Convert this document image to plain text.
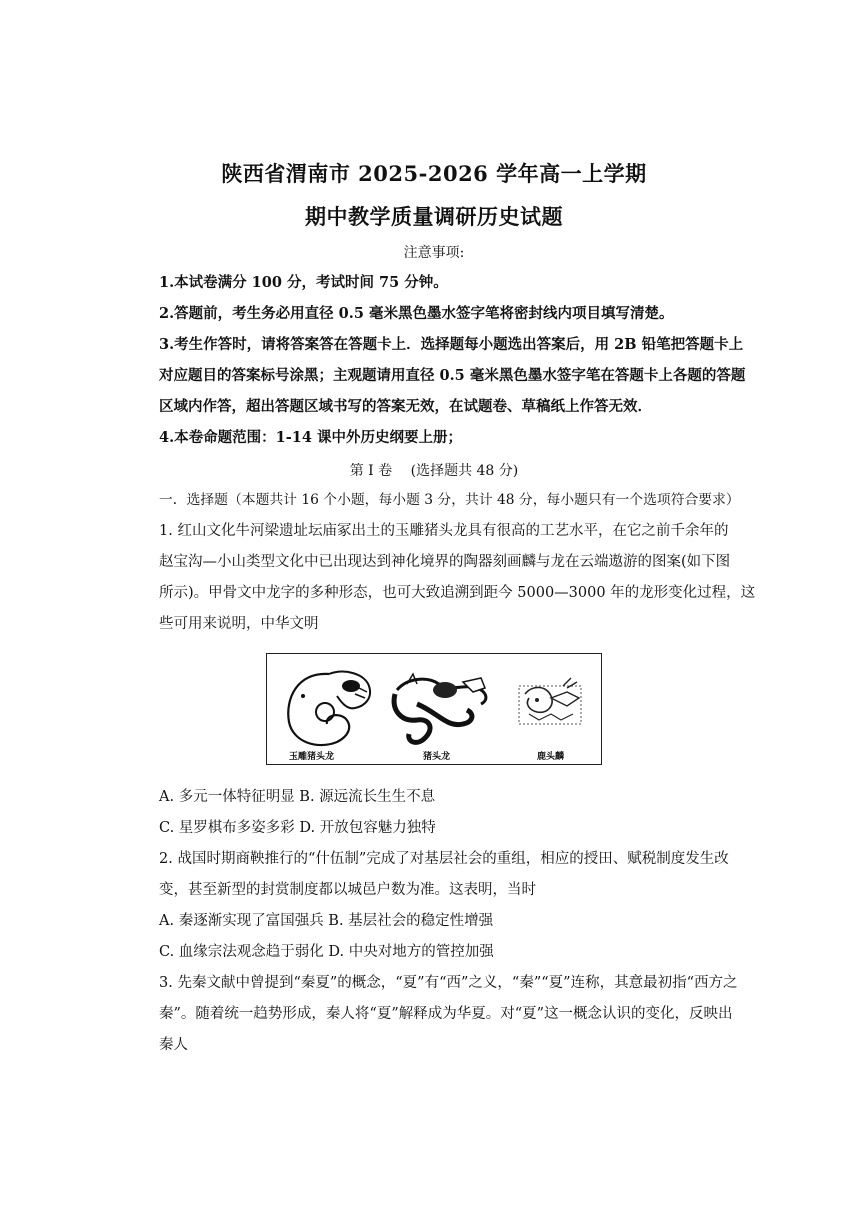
陕西省渭南市 2025-2026 学年高一上学期
期中教学质量调研历史试题
注意事项:
1.本试卷满分 100 分，考试时间 75 分钟。
2.答题前，考生务必用直径 0.5 毫米黑色墨水签字笔将密封线内项目填写清楚。
3.考生作答时，请将答案答在答题卡上．选择题每小题选出答案后，用 2B 铅笔把答题卡上
对应题目的答案标号涂黑；主观题请用直径 0.5 毫米黑色墨水签字笔在答题卡上各题的答题
区域内作答，超出答题区域书写的答案无效，在试题卷、草稿纸上作答无效．
4.本卷命题范围：1-14 课中外历史纲要上册；
第 I 卷　 (选择题共 48 分)
一．选择题（本题共计 16 个小题，每小题 3 分，共计 48 分，每小题只有一个选项符合要求）
1. 红山文化牛河梁遗址坛庙冢出土的玉雕猪头龙具有很高的工艺水平，在它之前千余年的
赵宝沟—小山类型文化中已出现达到神化境界的陶器刻画麟与龙在云端遨游的图案(如下图
所示)。甲骨文中龙字的多种形态，也可大致追溯到距今 5000—3000 年的龙形变化过程，这
些可用来说明，中华文明
玉雕猪头龙	猪头龙	鹿头麟
A. 多元一体特征明显 B. 源远流长生生不息
C. 星罗棋布多姿多彩 D. 开放包容魅力独特
2. 战国时期商鞅推行的“什伍制”完成了对基层社会的重组，相应的授田、赋税制度发生改
变，甚至新型的封赏制度都以城邑户数为准。这表明，当时
A. 秦逐渐实现了富国强兵 B. 基层社会的稳定性增强
C. 血缘宗法观念趋于弱化 D. 中央对地方的管控加强
3. 先秦文献中曾提到“秦夏”的概念，“夏”有“西”之义，“秦”“夏”连称，其意最初指“西方之
秦”。随着统一趋势形成，秦人将“夏”解释成为华夏。对“夏”这一概念认识的变化，反映出
秦人
